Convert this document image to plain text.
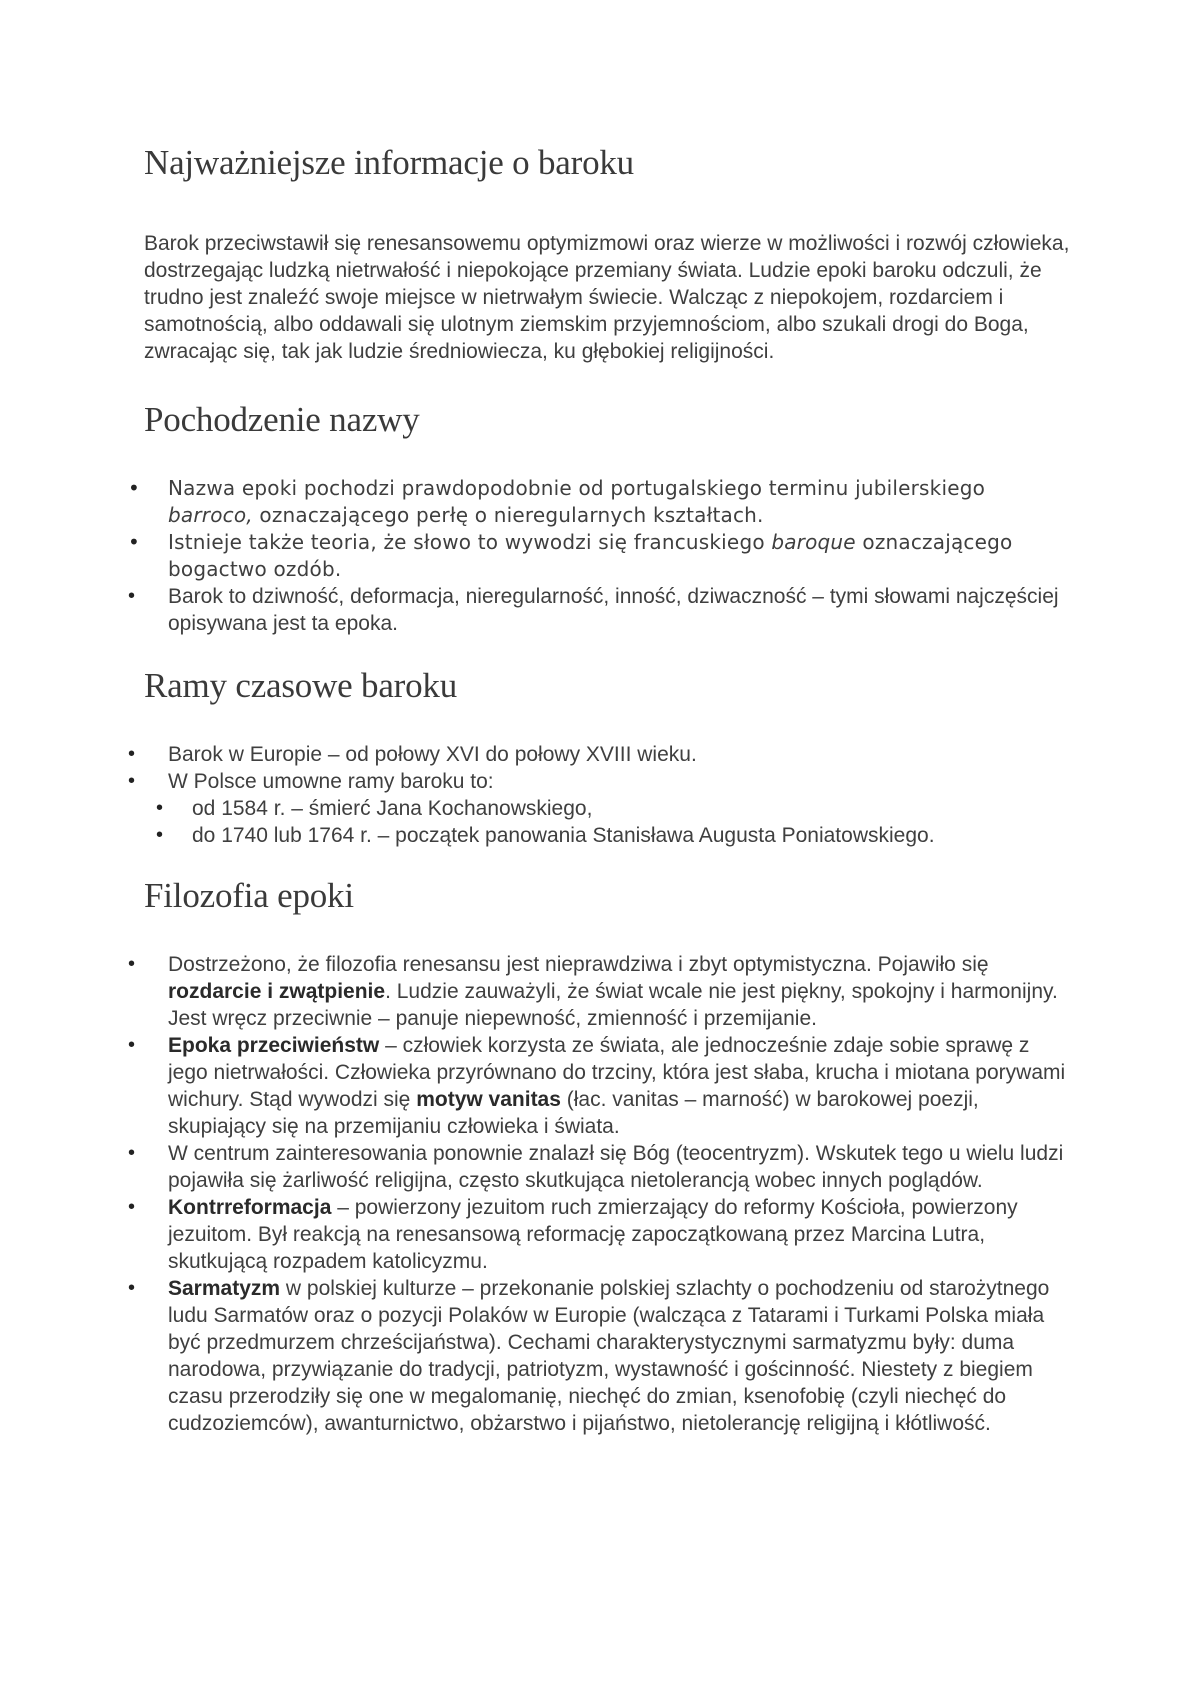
Najważniejsze informacje o baroku

Barok przeciwstawił się renesansowemu optymizmowi oraz wierze w możliwości i rozwój człowieka, dostrzegając ludzką nietrwałość i niepokojące przemiany świata. Ludzie epoki baroku odczuli, że trudno jest znaleźć swoje miejsce w nietrwałym świecie. Walcząc z niepokojem, rozdarciem i samotnością, albo oddawali się ulotnym ziemskim przyjemnościom, albo szukali drogi do Boga, zwracając się, tak jak ludzie średniowiecza, ku głębokiej religijności.

Pochodzenie nazwy
• Nazwa epoki pochodzi prawdopodobnie od portugalskiego terminu jubilerskiego barroco, oznaczającego perłę o nieregularnych kształtach.
• Istnieje także teoria, że słowo to wywodzi się francuskiego baroque oznaczającego bogactwo ozdób.
• Barok to dziwność, deformacja, nieregularność, inność, dziwaczność – tymi słowami najczęściej opisywana jest ta epoka.
Ramy czasowe baroku
• Barok w Europie – od połowy XVI do połowy XVIII wieku.
• W Polsce umowne ramy baroku to:
• od 1584 r. – śmierć Jana Kochanowskiego,
• do 1740 lub 1764 r. – początek panowania Stanisława Augusta Poniatowskiego.
Filozofia epoki
• Dostrzeżono, że filozofia renesansu jest nieprawdziwa i zbyt optymistyczna. Pojawiło się rozdarcie i zwątpienie. Ludzie zauważyli, że świat wcale nie jest piękny, spokojny i harmonijny. Jest wręcz przeciwnie – panuje niepewność, zmienność i przemijanie.
• Epoka przeciwieństw – człowiek korzysta ze świata, ale jednocześnie zdaje sobie sprawę z jego nietrwałości. Człowieka przyrównano do trzciny, która jest słaba, krucha i miotana porywami wichury. Stąd wywodzi się motyw vanitas (łac. vanitas – marność) w barokowej poezji, skupiający się na przemijaniu człowieka i świata.
• W centrum zainteresowania ponownie znalazł się Bóg (teocentryzm). Wskutek tego u wielu ludzi pojawiła się żarliwość religijna, często skutkująca nietolerancją wobec innych poglądów.
• Kontrreformacja – powierzony jezuitom ruch zmierzający do reformy Kościoła, powierzony jezuitom. Był reakcją na renesansową reformację zapoczątkowaną przez Marcina Lutra, skutkującą rozpadem katolicyzmu.
• Sarmatyzm w polskiej kulturze – przekonanie polskiej szlachty o pochodzeniu od starożytnego ludu Sarmatów oraz o pozycji Polaków w Europie (walcząca z Tatarami i Turkami Polska miała być przedmurzem chrześcijaństwa). Cechami charakterystycznymi sarmatyzmu były: duma narodowa, przywiązanie do tradycji, patriotyzm, wystawność i gościnność. Niestety z biegiem czasu przerodziły się one w megalomanię, niechęć do zmian, ksenofobię (czyli niechęć do cudzoziemców), awanturnictwo, obżarstwo i pijaństwo, nietolerancję religijną i kłótliwość.
